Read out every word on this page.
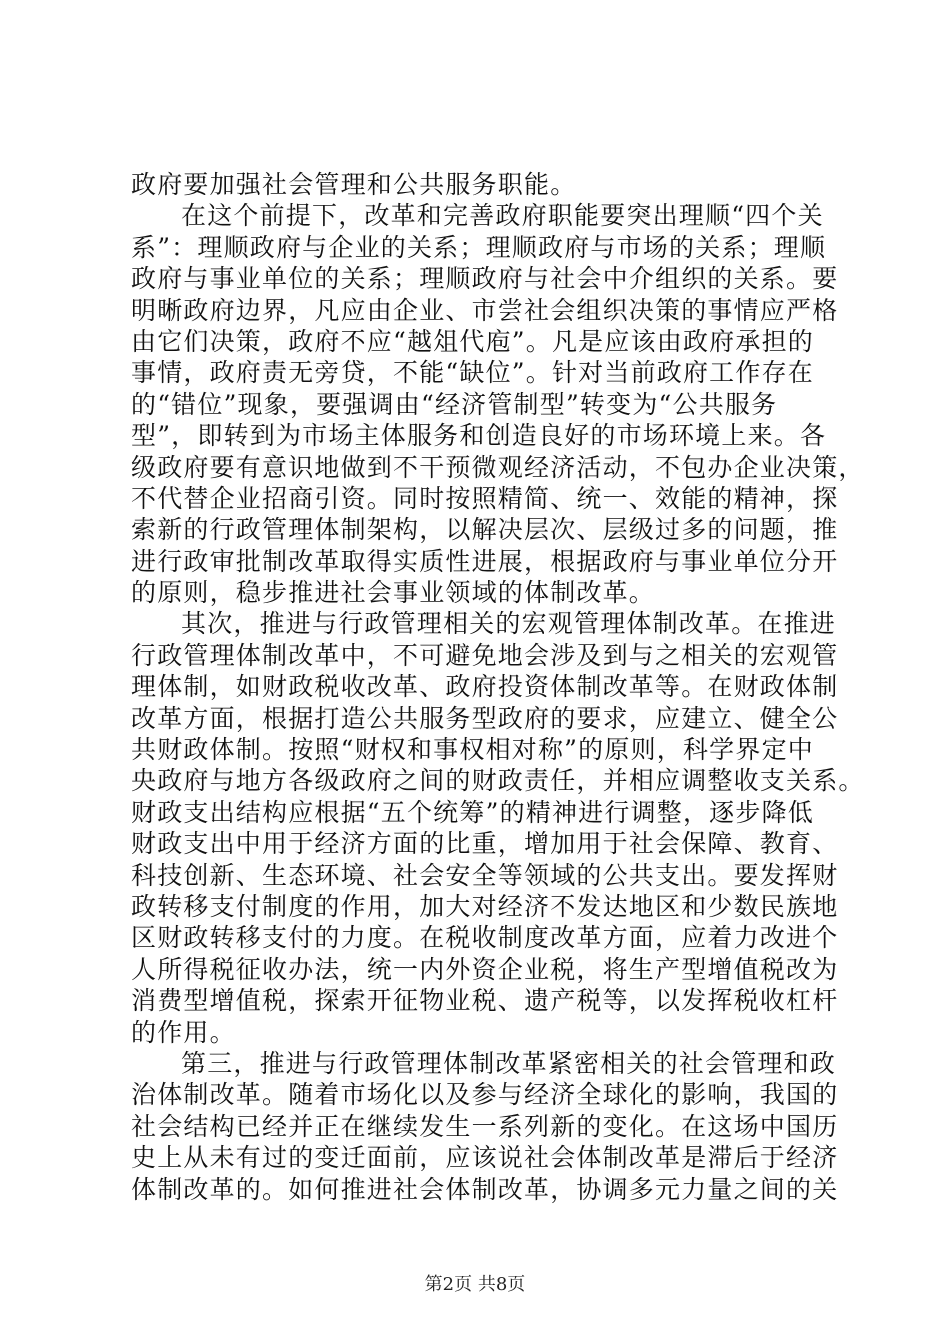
政府要加强社会管理和公共服务职能。
在这个前提下，改革和完善政府职能要突出理顺“四个关
系”：理顺政府与企业的关系；理顺政府与市场的关系；理顺
政府与事业单位的关系；理顺政府与社会中介组织的关系。要
明晰政府边界，凡应由企业、市尝社会组织决策的事情应严格
由它们决策，政府不应“越俎代庖”。凡是应该由政府承担的
事情，政府责无旁贷，不能“缺位”。针对当前政府工作存在
的“错位”现象，要强调由“经济管制型”转变为“公共服务
型”，即转到为市场主体服务和创造良好的市场环境上来。各
级政府要有意识地做到不干预微观经济活动，不包办企业决策，
不代替企业招商引资。同时按照精简、统一、效能的精神，探
索新的行政管理体制架构，以解决层次、层级过多的问题，推
进行政审批制改革取得实质性进展，根据政府与事业单位分开
的原则，稳步推进社会事业领域的体制改革。
其次，推进与行政管理相关的宏观管理体制改革。在推进
行政管理体制改革中，不可避免地会涉及到与之相关的宏观管
理体制，如财政税收改革、政府投资体制改革等。在财政体制
改革方面，根据打造公共服务型政府的要求，应建立、健全公
共财政体制。按照“财权和事权相对称”的原则，科学界定中
央政府与地方各级政府之间的财政责任，并相应调整收支关系。
财政支出结构应根据“五个统筹”的精神进行调整，逐步降低
财政支出中用于经济方面的比重，增加用于社会保障、教育、
科技创新、生态环境、社会安全等领域的公共支出。要发挥财
政转移支付制度的作用，加大对经济不发达地区和少数民族地
区财政转移支付的力度。在税收制度改革方面，应着力改进个
人所得税征收办法，统一内外资企业税，将生产型增值税改为
消费型增值税，探索开征物业税、遗产税等，以发挥税收杠杆
的作用。
第三，推进与行政管理体制改革紧密相关的社会管理和政
治体制改革。随着市场化以及参与经济全球化的影响，我国的
社会结构已经并正在继续发生一系列新的变化。在这场中国历
史上从未有过的变迁面前，应该说社会体制改革是滞后于经济
体制改革的。如何推进社会体制改革，协调多元力量之间的关
第2页 共8页
